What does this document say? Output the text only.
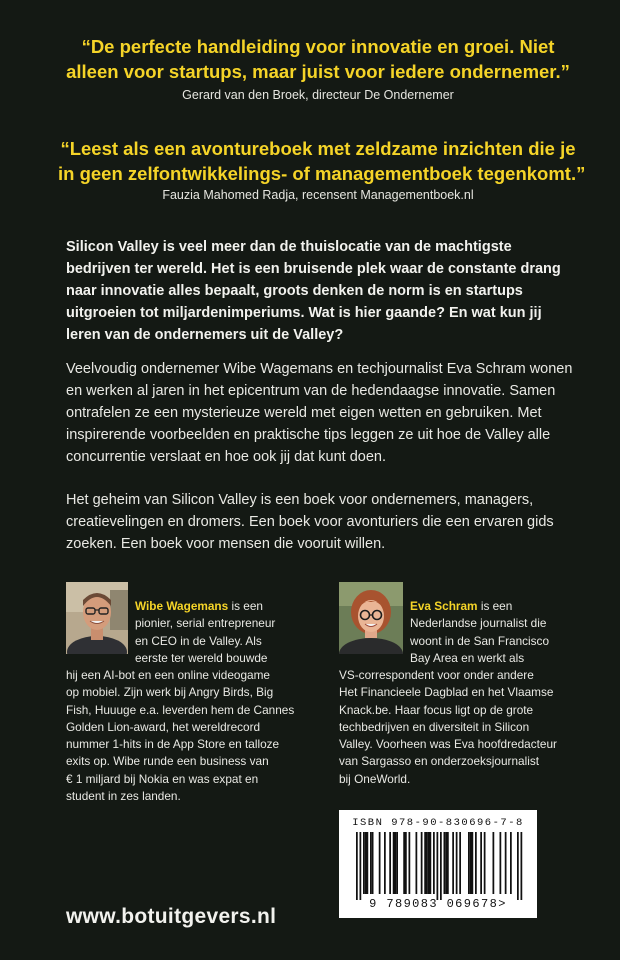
“De perfecte handleiding voor innovatie en groei. Niet
alleen voor startups, maar juist voor iedere ondernemer.”
Gerard van den Broek, directeur De Ondernemer
“Leest als een avontureboek met zeldzame inzichten die je
in geen zelfontwikkelings- of managementboek tegenkomt.”
Fauzia Mahomed Radja, recensent Managementboek.nl
Silicon Valley is veel meer dan de thuislocatie van de machtigste
bedrijven ter wereld. Het is een bruisende plek waar de constante drang
naar innovatie alles bepaalt, groots denken de norm is en startups
uitgroeien tot miljardenimperiums. Wat is hier gaande? En wat kun jij
leren van de ondernemers uit de Valley?
Veelvoudig ondernemer Wibe Wagemans en techjournalist Eva Schram wonen
en werken al jaren in het epicentrum van de hedendaagse innovatie. Samen
ontrafelen ze een mysterieuze wereld met eigen wetten en gebruiken. Met
inspirerende voorbeelden en praktische tips leggen ze uit hoe de Valley alle
concurrentie verslaat en hoe ook jij dat kunt doen.
Het geheim van Silicon Valley is een boek voor ondernemers, managers,
creatievelingen en dromers. Een boek voor avonturiers die een ervaren gids
zoeken. Een boek voor mensen die vooruit willen.
Wibe Wagemans is een
pionier, serial entrepreneur
en CEO in de Valley. Als
eerste ter wereld bouwde
hij een AI-bot en een online videogame
op mobiel. Zijn werk bij Angry Birds, Big
Fish, Huuuge e.a. leverden hem de Cannes
Golden Lion-award, het wereldrecord
nummer 1-hits in de App Store en talloze
exits op. Wibe runde een business van
€ 1 miljard bij Nokia en was expat en
student in zes landen.
Eva Schram is een
Nederlandse journalist die
woont in de San Francisco
Bay Area en werkt als
VS-correspondent voor onder andere
Het Financieele Dagblad en het Vlaamse
Knack.be. Haar focus ligt op de grote
techbedrijven en diversiteit in Silicon
Valley. Voorheen was Eva hoofdredacteur
van Sargasso en onderzoeksjournalist
bij OneWorld.
ISBN 978-90-830696-7-8
9 789083 069678>
www.botuitgevers.nl
